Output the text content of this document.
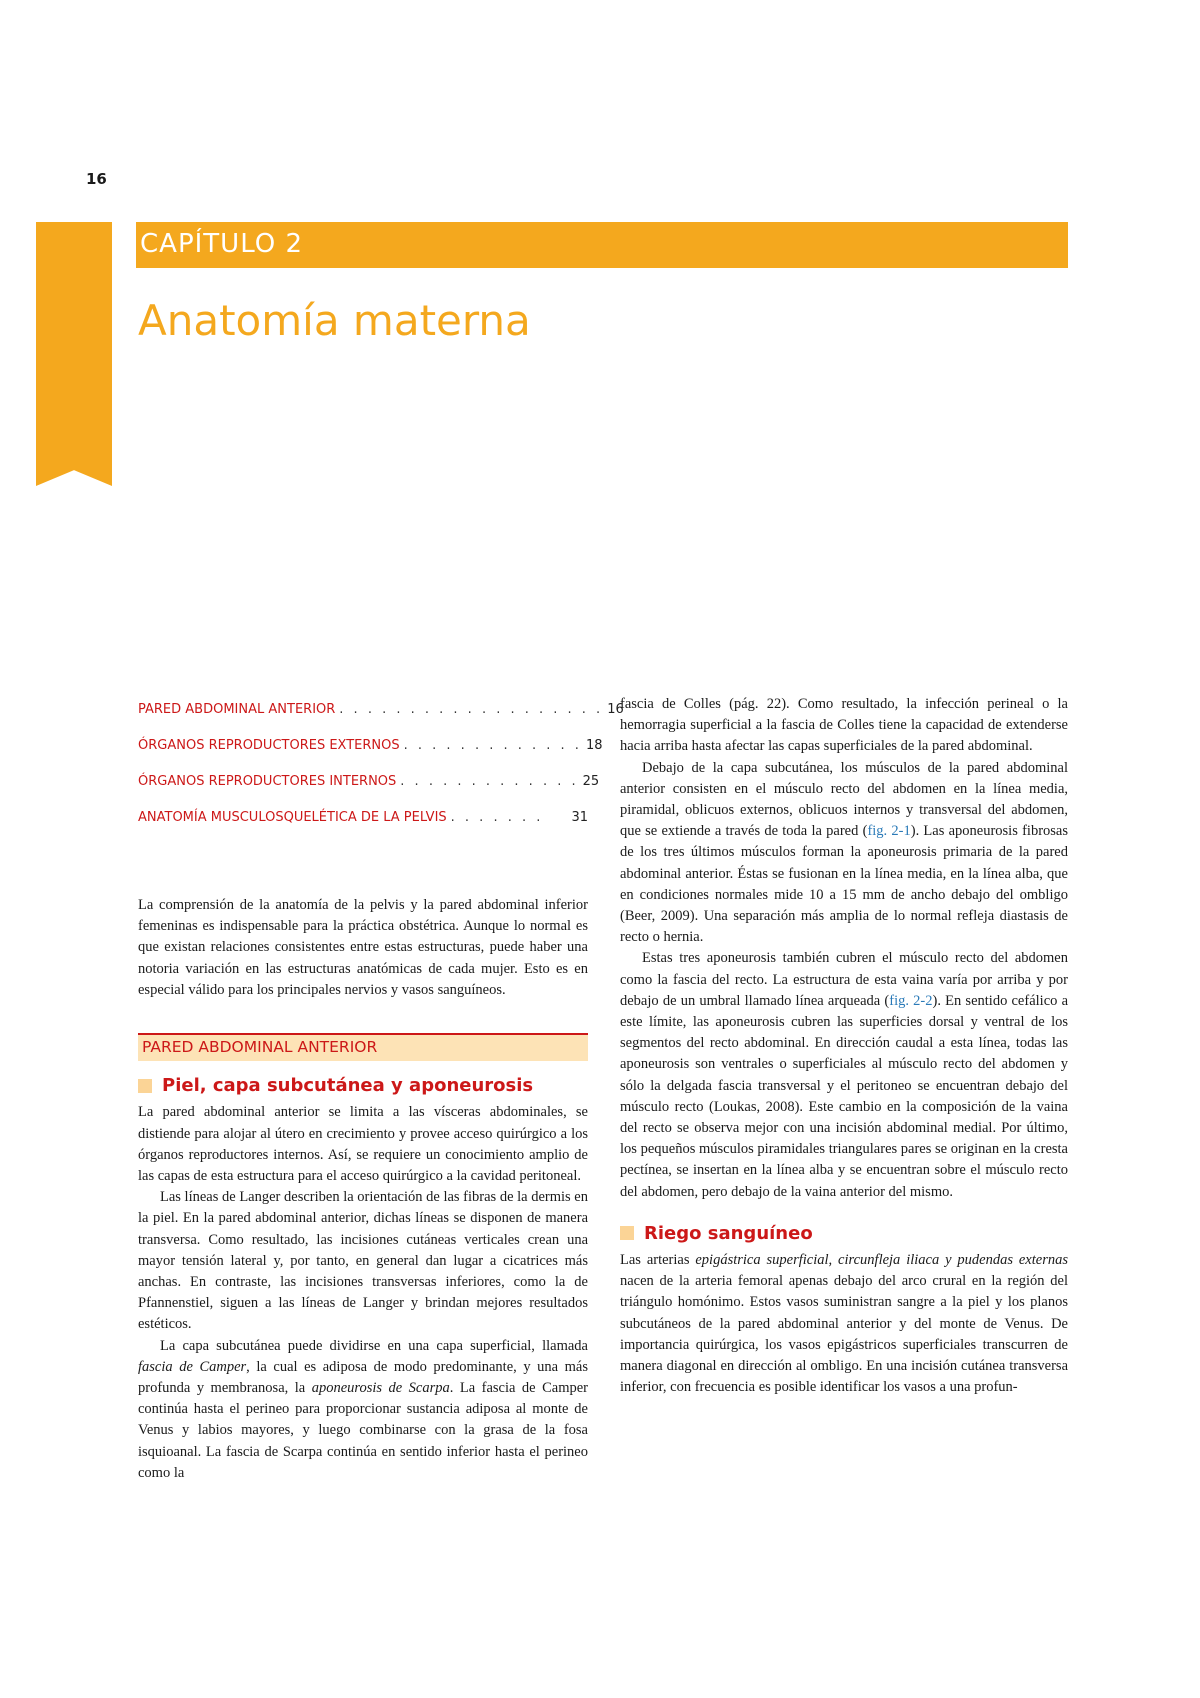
16
CAPÍTULO 2
Anatomía materna
PARED ABDOMINAL ANTERIOR . . . . . . . . . . . . . . . . . . . 16
ÓRGANOS REPRODUCTORES EXTERNOS . . . . . . . . . . . . . 18
ÓRGANOS REPRODUCTORES INTERNOS . . . . . . . . . . . . . 25
ANATOMÍA MUSCULOSQUELÉTICA DE LA PELVIS . . . . . . .	31

La comprensión de la anatomía de la pelvis y la pared abdominal inferior femeninas es indispensable para la práctica obstétrica. Aunque lo normal es que existan relaciones consistentes entre estas estructuras, puede haber una notoria variación en las estructuras anatómicas de cada mujer. Esto es en especial válido para los principales nervios y vasos sanguíneos.

PARED ABDOMINAL ANTERIOR
Piel, capa subcutánea y aponeurosis

La pared abdominal anterior se limita a las vísceras abdominales, se distiende para alojar al útero en crecimiento y provee acceso quirúrgico a los órganos reproductores internos. Así, se requiere un conocimiento amplio de las capas de esta estructura para el acceso quirúrgico a la cavidad peritoneal.

Las líneas de Langer describen la orientación de las fibras de la dermis en la piel. En la pared abdominal anterior, dichas líneas se disponen de manera transversa. Como resultado, las incisiones cutáneas verticales crean una mayor tensión lateral y, por tanto, en general dan lugar a cicatrices más anchas. En contraste, las incisiones transversas inferiores, como la de Pfannenstiel, siguen a las líneas de Langer y brindan mejores resultados estéticos.

La capa subcutánea puede dividirse en una capa superficial, llamada fascia de Camper, la cual es adiposa de modo predominante, y una más profunda y membranosa, la aponeurosis de Scarpa. La fascia de Camper continúa hasta el perineo para proporcionar sustancia adiposa al monte de Venus y labios mayores, y luego combinarse con la grasa de la fosa isquioanal. La fascia de Scarpa continúa en sentido inferior hasta el perineo como la

fascia de Colles (pág. 22). Como resultado, la infección perineal o la hemorragia superficial a la fascia de Colles tiene la capacidad de extenderse hacia arriba hasta afectar las capas superficiales de la pared abdominal.

Debajo de la capa subcutánea, los músculos de la pared abdominal anterior consisten en el músculo recto del abdomen en la línea media, piramidal, oblicuos externos, oblicuos internos y transversal del abdomen, que se extiende a través de toda la pared (fig. 2-1). Las aponeurosis fibrosas de los tres últimos músculos forman la aponeurosis primaria de la pared abdominal anterior. Éstas se fusionan en la línea media, en la línea alba, que en condiciones normales mide 10 a 15 mm de ancho debajo del ombligo (Beer, 2009). Una separación más amplia de lo normal refleja diastasis de recto o hernia.

Estas tres aponeurosis también cubren el músculo recto del abdomen como la fascia del recto. La estructura de esta vaina varía por arriba y por debajo de un umbral llamado línea arqueada (fig. 2-2). En sentido cefálico a este límite, las aponeurosis cubren las superficies dorsal y ventral de los segmentos del recto abdominal. En dirección caudal a esta línea, todas las aponeurosis son ventrales o superficiales al músculo recto del abdomen y sólo la delgada fascia transversal y el peritoneo se encuentran debajo del músculo recto (Loukas, 2008). Este cambio en la composición de la vaina del recto se observa mejor con una incisión abdominal medial. Por último, los pequeños músculos piramidales triangulares pares se originan en la cresta pectínea, se insertan en la línea alba y se encuentran sobre el músculo recto del abdomen, pero debajo de la vaina anterior del mismo.

Riego sanguíneo

Las arterias epigástrica superficial, circunfleja iliaca y pudendas externas nacen de la arteria femoral apenas debajo del arco crural en la región del triángulo homónimo. Estos vasos suministran sangre a la piel y los planos subcutáneos de la pared abdominal anterior y del monte de Venus. De importancia quirúrgica, los vasos epigástricos superficiales transcurren de manera diagonal en dirección al ombligo. En una incisión cutánea transversa inferior, con frecuencia es posible identificar los vasos a una profun-
